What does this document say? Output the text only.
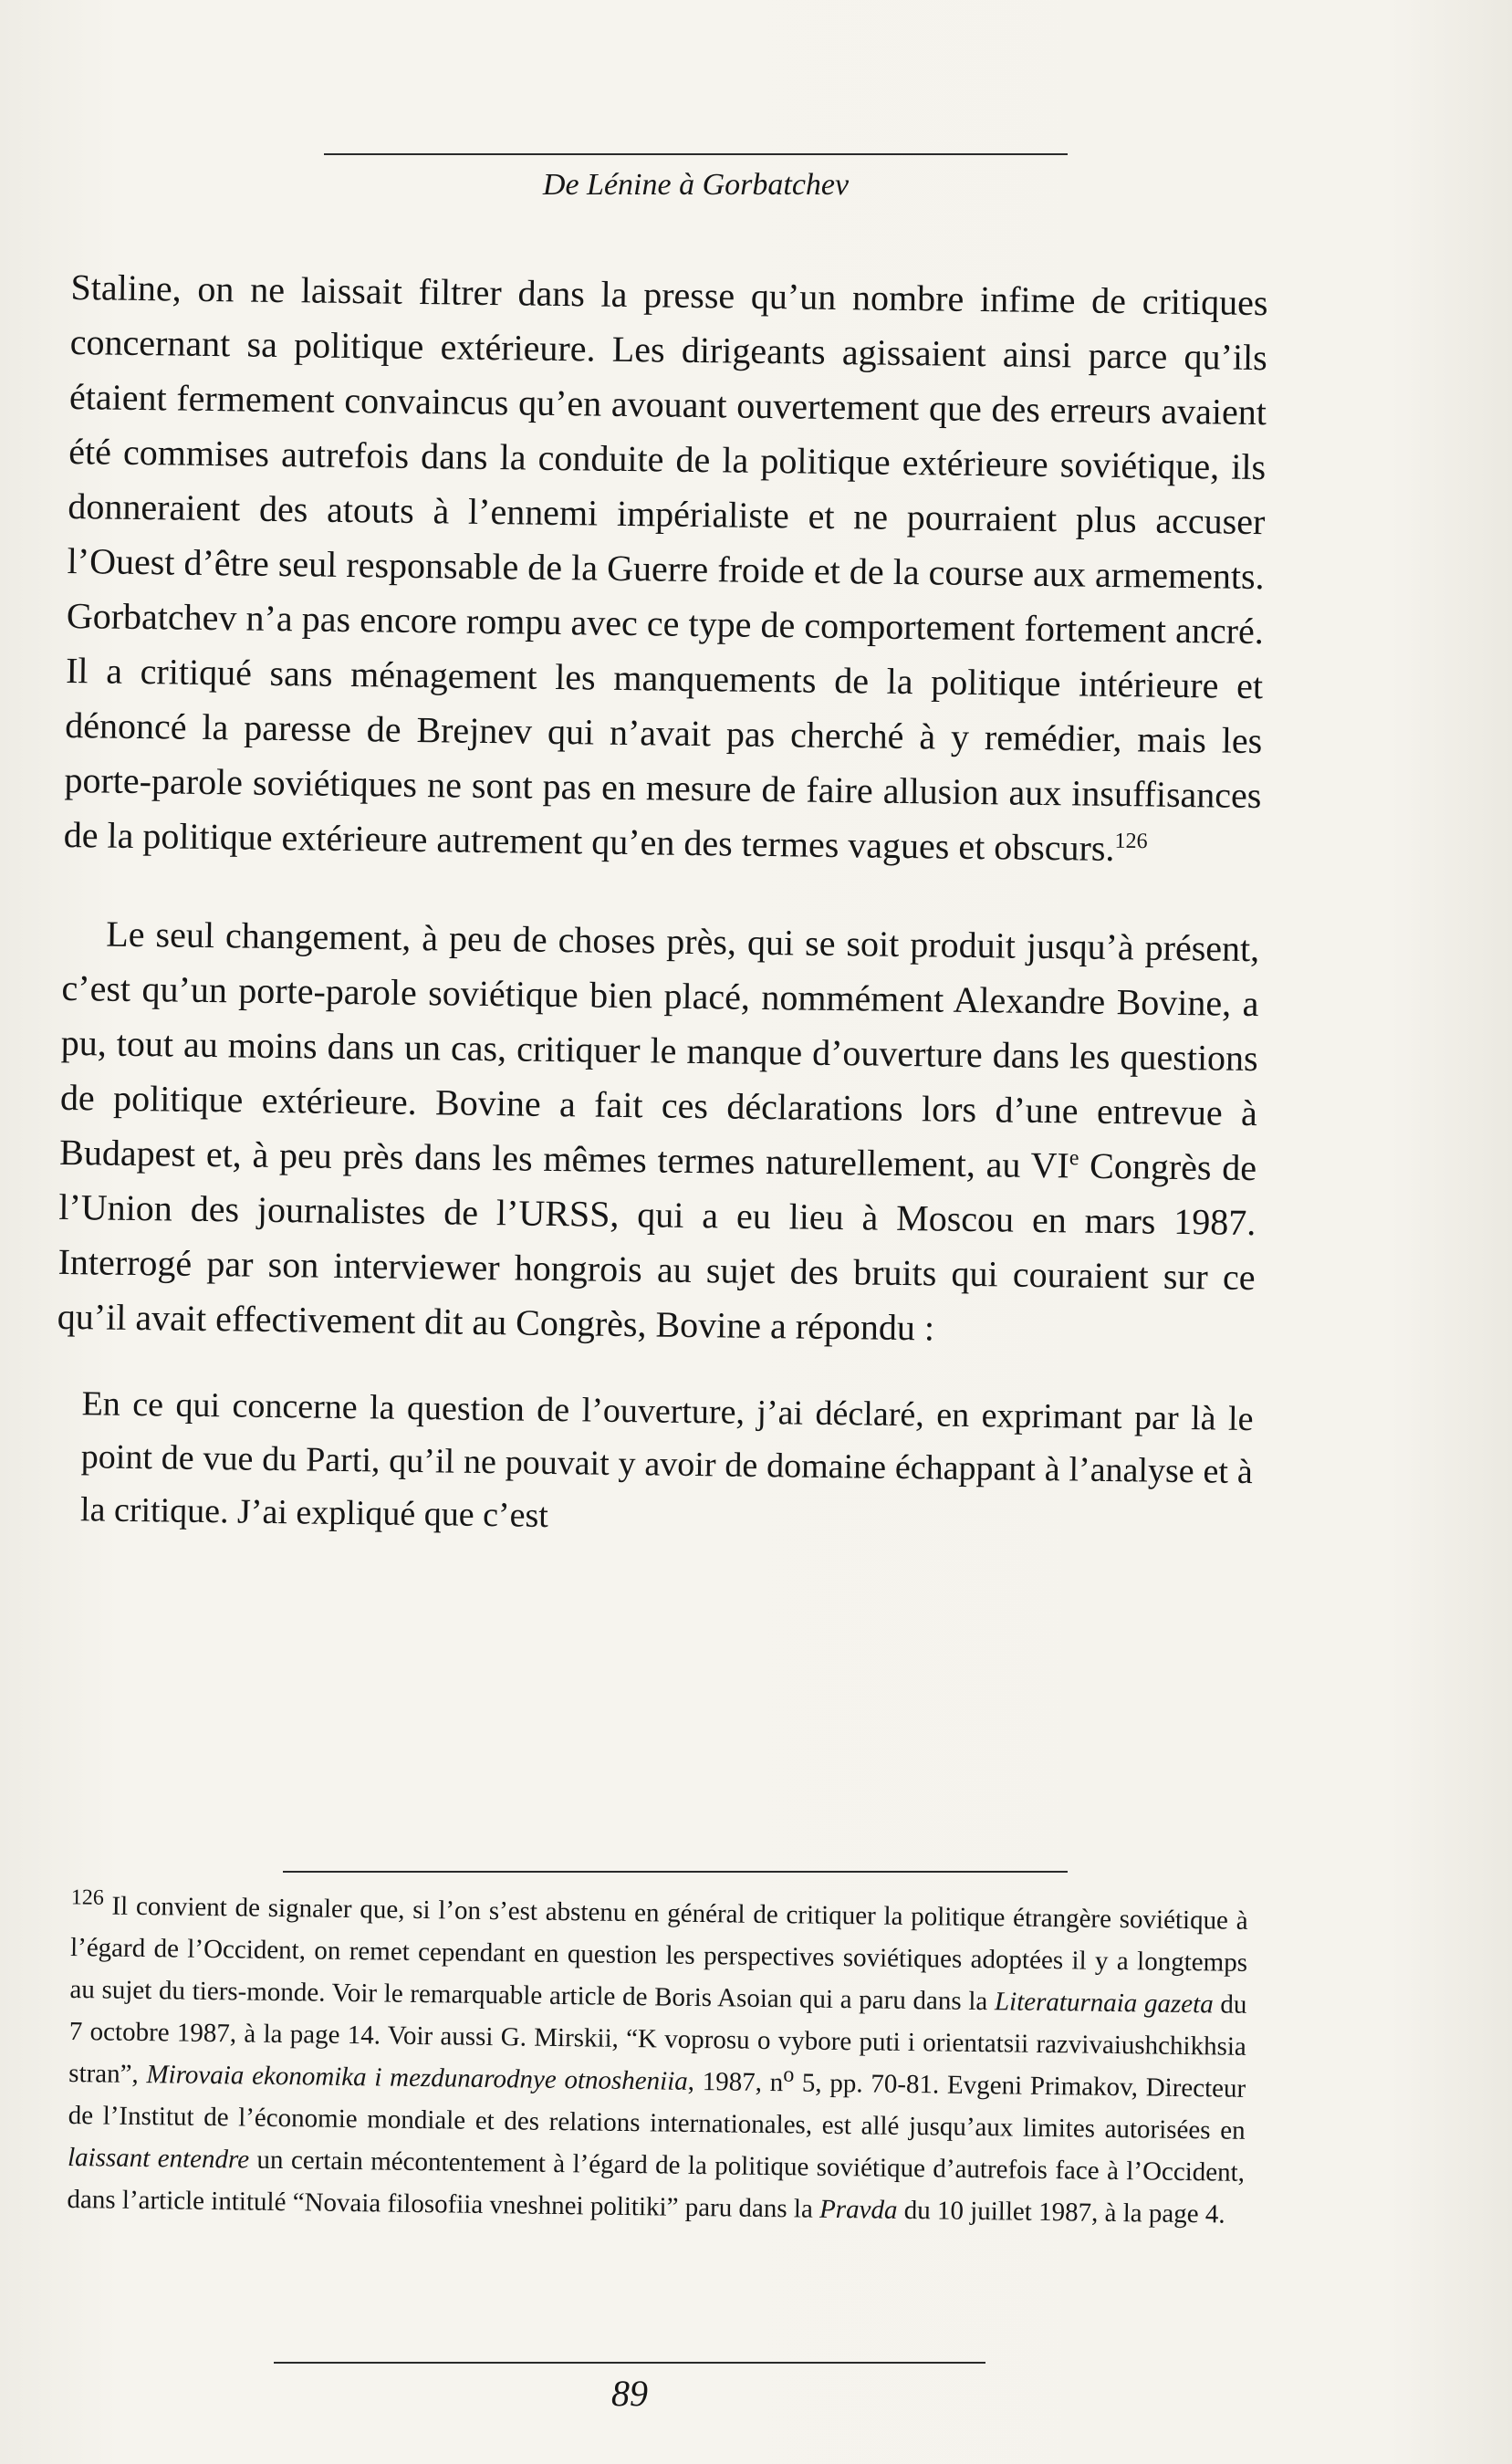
De Lénine à Gorbatchev

Staline, on ne laissait filtrer dans la presse qu’un nombre infime de critiques concernant sa politique extérieure. Les dirigeants agissaient ainsi parce qu’ils étaient fermement convaincus qu’en avouant ouvertement que des erreurs avaient été commises autrefois dans la conduite de la politique extérieure soviétique, ils donneraient des atouts à l’ennemi impérialiste et ne pourraient plus accuser l’Ouest d’être seul responsable de la Guerre froide et de la course aux armements. Gorbatchev n’a pas encore rompu avec ce type de comportement fortement ancré. Il a critiqué sans ménagement les manquements de la politique intérieure et dénoncé la paresse de Brejnev qui n’avait pas cherché à y remédier, mais les porte-parole soviétiques ne sont pas en mesure de faire allusion aux insuffisances de la politique extérieure autrement qu’en des termes vagues et obscurs.$^{126}$

Le seul changement, à peu de choses près, qui se soit produit jusqu’à présent, c’est qu’un porte-parole soviétique bien placé, nommément Alexandre Bovine, a pu, tout au moins dans un cas, critiquer le manque d’ouverture dans les questions de politique extérieure. Bovine a fait ces déclarations lors d’une entrevue à Budapest et, à peu près dans les mêmes termes naturellement, au VIe Congrès de l’Union des journalistes de l’URSS, qui a eu lieu à Moscou en mars 1987. Interrogé par son interviewer hongrois au sujet des bruits qui couraient sur ce qu’il avait effectivement dit au Congrès, Bovine a répondu :

En ce qui concerne la question de l’ouverture, j’ai déclaré, en exprimant par là le point de vue du Parti, qu’il ne pouvait y avoir de domaine échappant à l’analyse et à la critique. J’ai expliqué que c’est

$^{126}$ Il convient de signaler que, si l’on s’est abstenu en général de critiquer la politique étrangère soviétique à l’égard de l’Occident, on remet cependant en question les perspectives soviétiques adoptées il y a longtemps au sujet du tiers-monde. Voir le remarquable article de Boris Asoian qui a paru dans la Literaturnaia gazeta du 7 octobre 1987, à la page 14. Voir aussi G. Mirskii, “K voprosu o vybore puti i orientatsii razvivaiushchikhsia stran”, Mirovaia ekonomika i mezdunarodnye otnosheniia, 1987, $n^o$ 5, pp. 70-81. Evgeni Primakov, Directeur de l’Institut de l’économie mondiale et des relations internationales, est allé jusqu’aux limites autorisées en laissant entendre un certain mécontentement à l’égard de la politique soviétique d’autrefois face à l’Occident, dans l’article intitulé “Novaia filosofiia vneshnei politiki” paru dans la Pravda du 10 juillet 1987, à la page 4.

89
